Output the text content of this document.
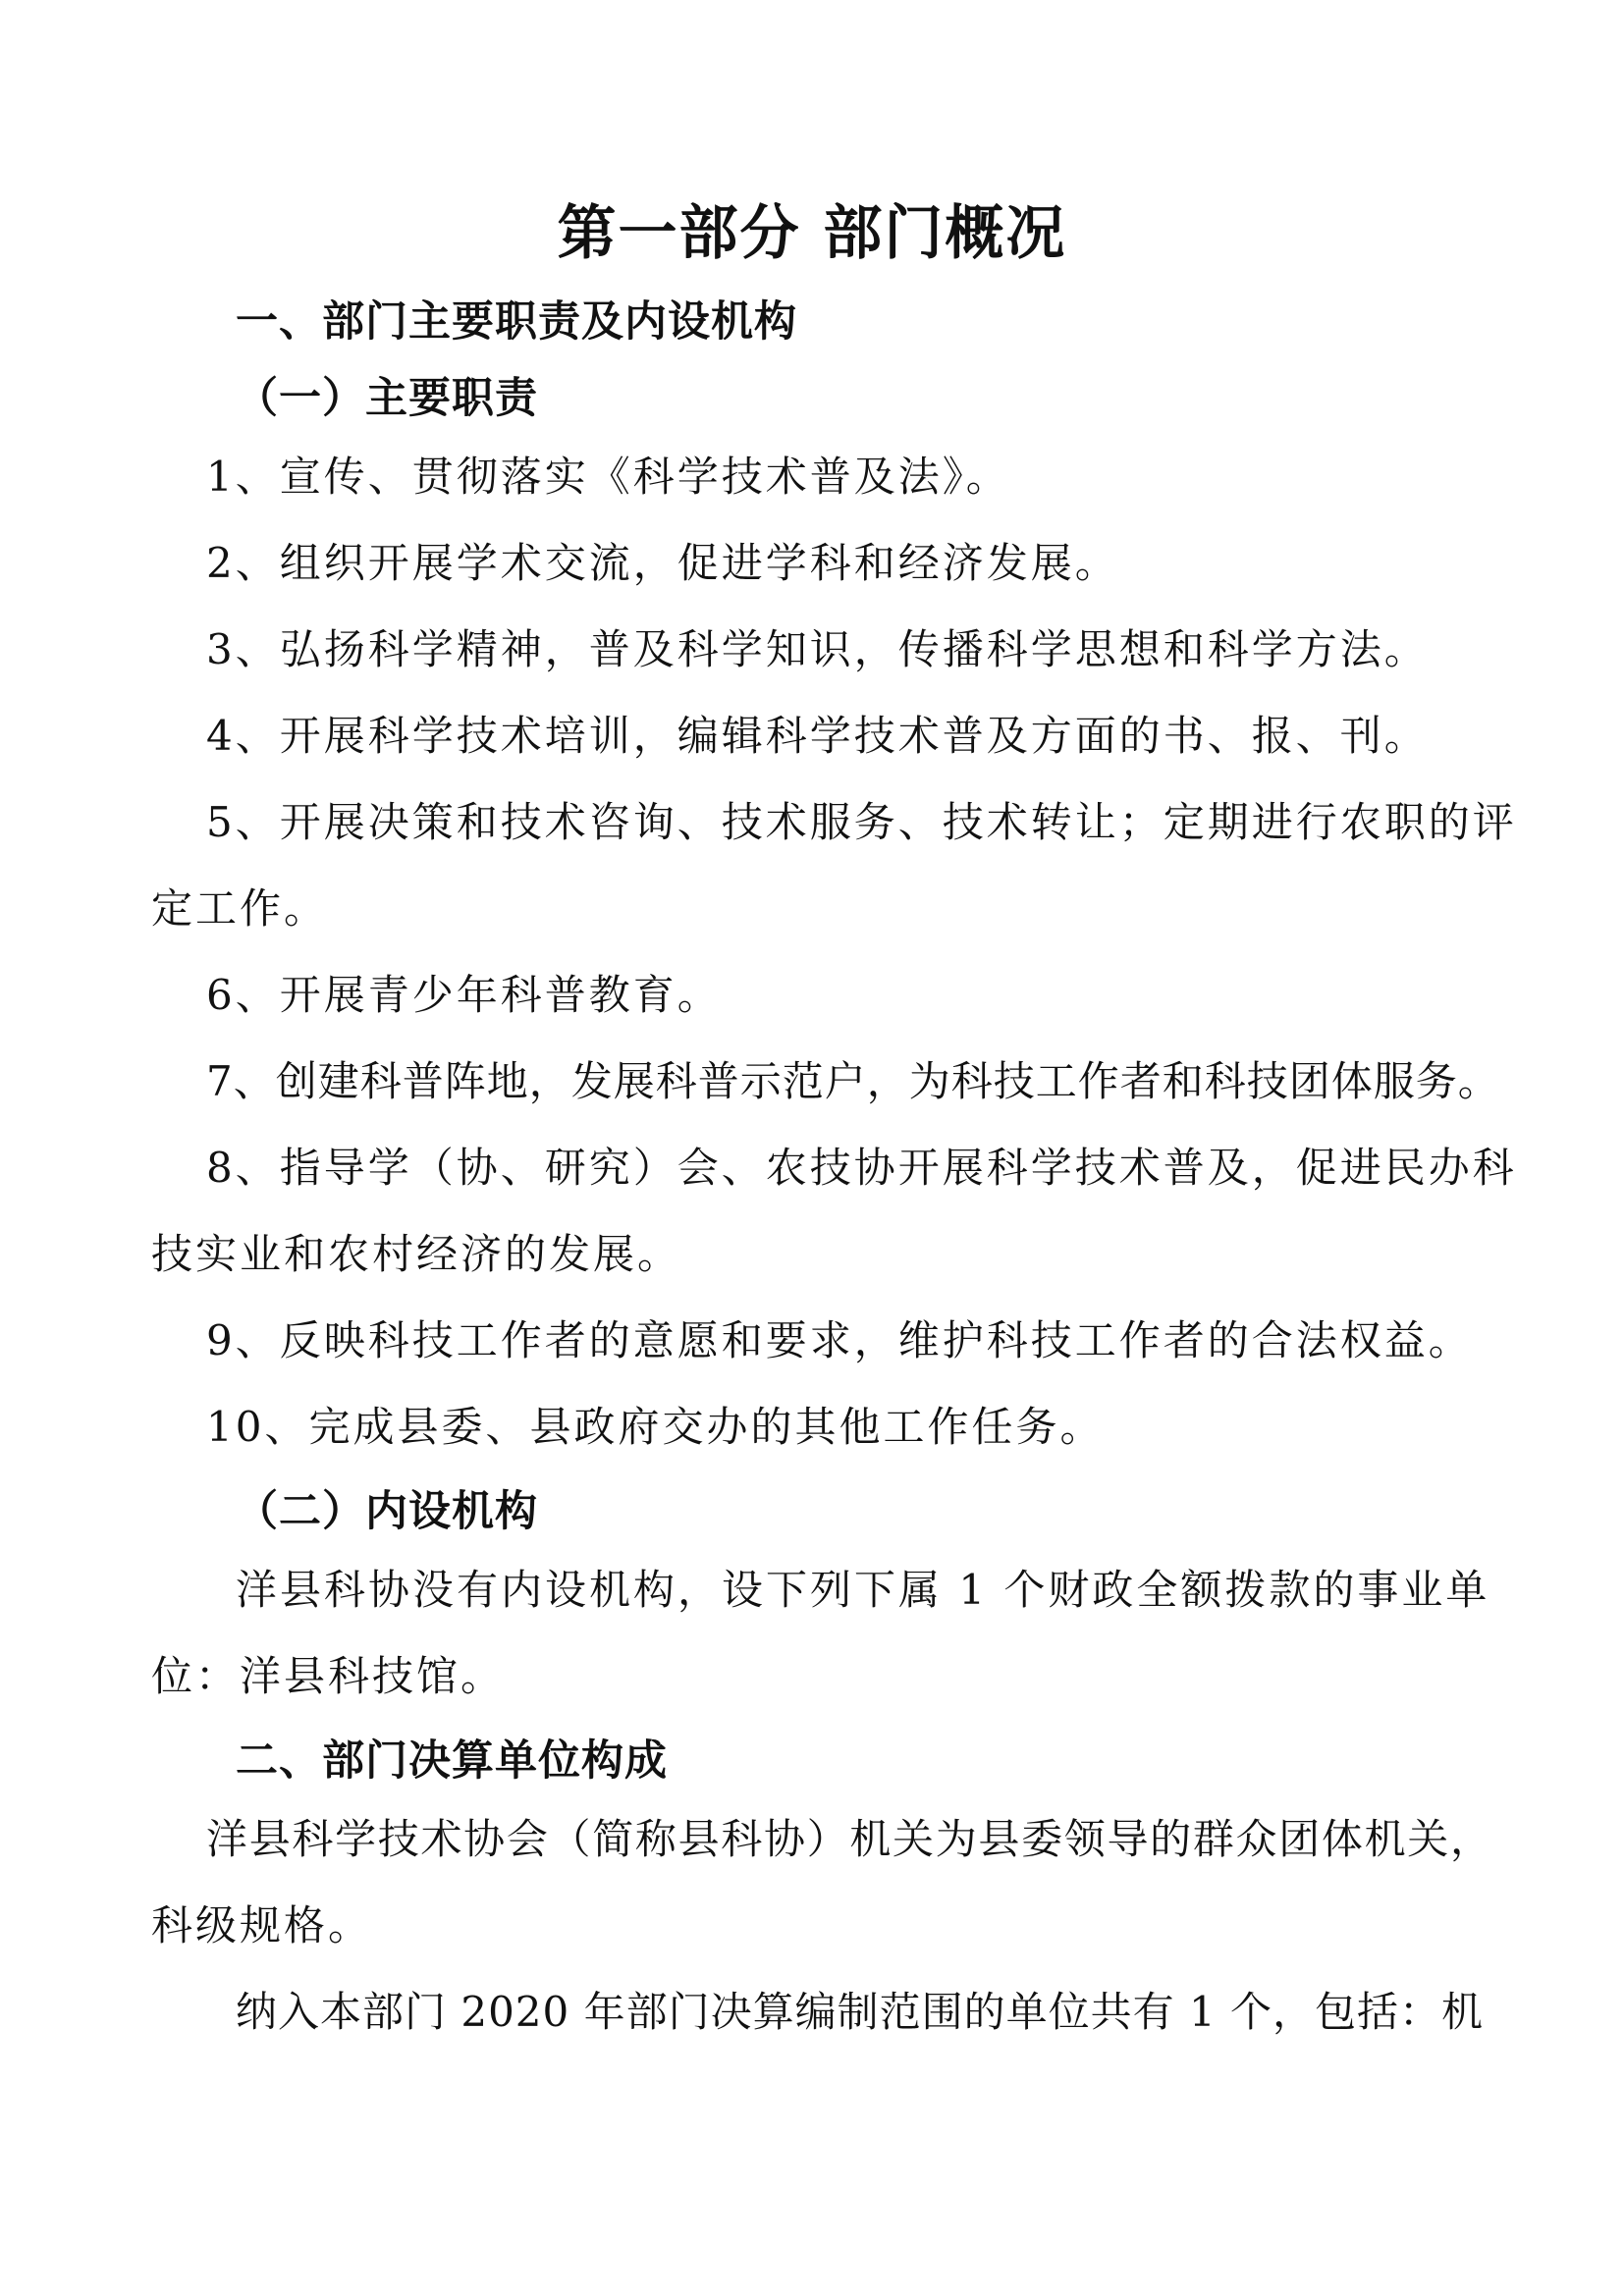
第一部分 部门概况
一、部门主要职责及内设机构
（一）主要职责
1、宣传、贯彻落实《科学技术普及法》。
2、组织开展学术交流，促进学科和经济发展。
3、弘扬科学精神，普及科学知识，传播科学思想和科学方法。
4、开展科学技术培训，编辑科学技术普及方面的书、报、刊。
5、开展决策和技术咨询、技术服务、技术转让；定期进行农职的评
定工作。
6、开展青少年科普教育。
7、创建科普阵地，发展科普示范户，为科技工作者和科技团体服务。
8、指导学（协、研究）会、农技协开展科学技术普及，促进民办科
技实业和农村经济的发展。
9、反映科技工作者的意愿和要求，维护科技工作者的合法权益。
10、完成县委、县政府交办的其他工作任务。
（二）内设机构
洋县科协没有内设机构，设下列下属 1 个财政全额拨款的事业单
位：洋县科技馆。
二、部门决算单位构成
洋县科学技术协会（简称县科协）机关为县委领导的群众团体机关，
科级规格。
纳入本部门 2020 年部门决算编制范围的单位共有 1 个，包括：机
